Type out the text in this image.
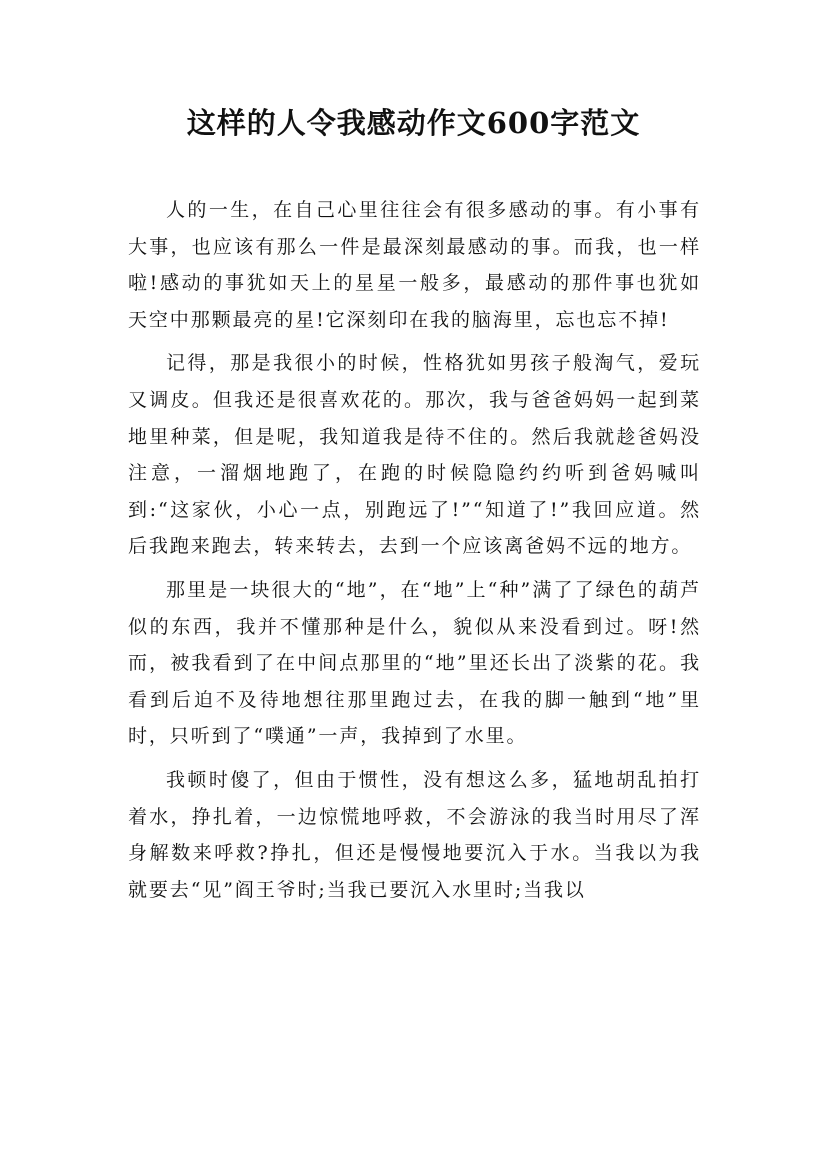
这样的人令我感动作文600字范文

人的一生，在自己心里往往会有很多感动的事。有小事有大事，也应该有那么一件是最深刻最感动的事。而我，也一样啦!感动的事犹如天上的星星一般多，最感动的那件事也犹如天空中那颗最亮的星!它深刻印在我的脑海里，忘也忘不掉!

记得，那是我很小的时候，性格犹如男孩子般淘气，爱玩又调皮。但我还是很喜欢花的。那次，我与爸爸妈妈一起到菜地里种菜，但是呢，我知道我是待不住的。然后我就趁爸妈没注意，一溜烟地跑了，在跑的时候隐隐约约听到爸妈喊叫到:“这家伙，小心一点，别跑远了!”“知道了!”我回应道。然后我跑来跑去，转来转去，去到一个应该离爸妈不远的地方。

那里是一块很大的“地”，在“地”上“种”满了了绿色的葫芦似的东西，我并不懂那种是什么，貌似从来没看到过。呀!然而，被我看到了在中间点那里的“地”里还长出了淡紫的花。我看到后迫不及待地想往那里跑过去，在我的脚一触到“地”里时，只听到了“噗通”一声，我掉到了水里。

我顿时傻了，但由于惯性，没有想这么多，猛地胡乱拍打着水，挣扎着，一边惊慌地呼救，不会游泳的我当时用尽了浑身解数来呼救?挣扎，但还是慢慢地要沉入于水。当我以为我就要去“见”阎王爷时;当我已要沉入水里时;当我以
